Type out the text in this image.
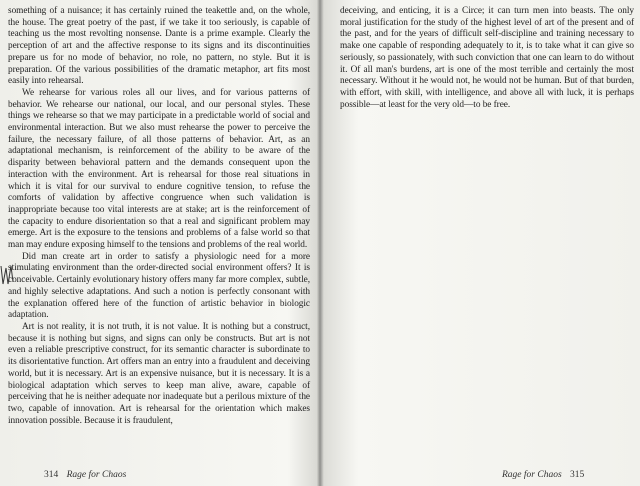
something of a nuisance; it has certainly ruined the teakettle and, on the whole, the house. The great poetry of the past, if we take it too seriously, is capable of teaching us the most revolting nonsense. Dante is a prime example. Clearly the perception of art and the affective response to its signs and its discontinuities prepare us for no mode of behavior, no role, no pattern, no style. But it is preparation. Of the various possibilities of the dramatic metaphor, art fits most easily into rehearsal.

We rehearse for various roles all our lives, and for various patterns of behavior. We rehearse our national, our local, and our personal styles. These things we rehearse so that we may participate in a predictable world of social and environmental interaction. But we also must rehearse the power to perceive the failure, the necessary failure, of all those patterns of behavior. Art, as an adaptational mechanism, is reinforcement of the ability to be aware of the disparity between behavioral pattern and the demands consequent upon the interaction with the environment. Art is rehearsal for those real situations in which it is vital for our survival to endure cognitive tension, to refuse the comforts of validation by affective congruence when such validation is inappropriate because too vital interests are at stake; art is the reinforcement of the capacity to endure disorientation so that a real and significant problem may emerge. Art is the exposure to the tensions and problems of a false world so that man may endure exposing himself to the tensions and problems of the real world.

Did man create art in order to satisfy a physiologic need for a more stimulating environment than the order-directed social environment offers? It is conceivable. Certainly evolutionary history offers many far more complex, subtle, and highly selective adaptations. And such a notion is perfectly consonant with the explanation offered here of the function of artistic behavior in biologic adaptation.

Art is not reality, it is not truth, it is not value. It is nothing but a construct, because it is nothing but signs, and signs can only be constructs. But art is not even a reliable prescriptive construct, for its semantic character is subordinate to its disorientative function. Art offers man an entry into a fraudulent and deceiving world, but it is necessary. Art is an expensive nuisance, but it is necessary. It is a biological adaptation which serves to keep man alive, aware, capable of perceiving that he is neither adequate nor inadequate but a perilous mixture of the two, capable of innovation. Art is rehearsal for the orientation which makes innovation possible. Because it is fraudulent,

314 Rage for Chaos

deceiving, and enticing, it is a Circe; it can turn men into beasts. The only moral justification for the study of the highest level of art of the present and of the past, and for the years of difficult self-discipline and training necessary to make one capable of responding adequately to it, is to take what it can give so seriously, so passionately, with such conviction that one can learn to do without it. Of all man's burdens, art is one of the most terrible and certainly the most necessary. Without it he would not, he would not be human. But of that burden, with effort, with skill, with intelligence, and above all with luck, it is perhaps possible—at least for the very old—to be free.

Rage for Chaos 315
